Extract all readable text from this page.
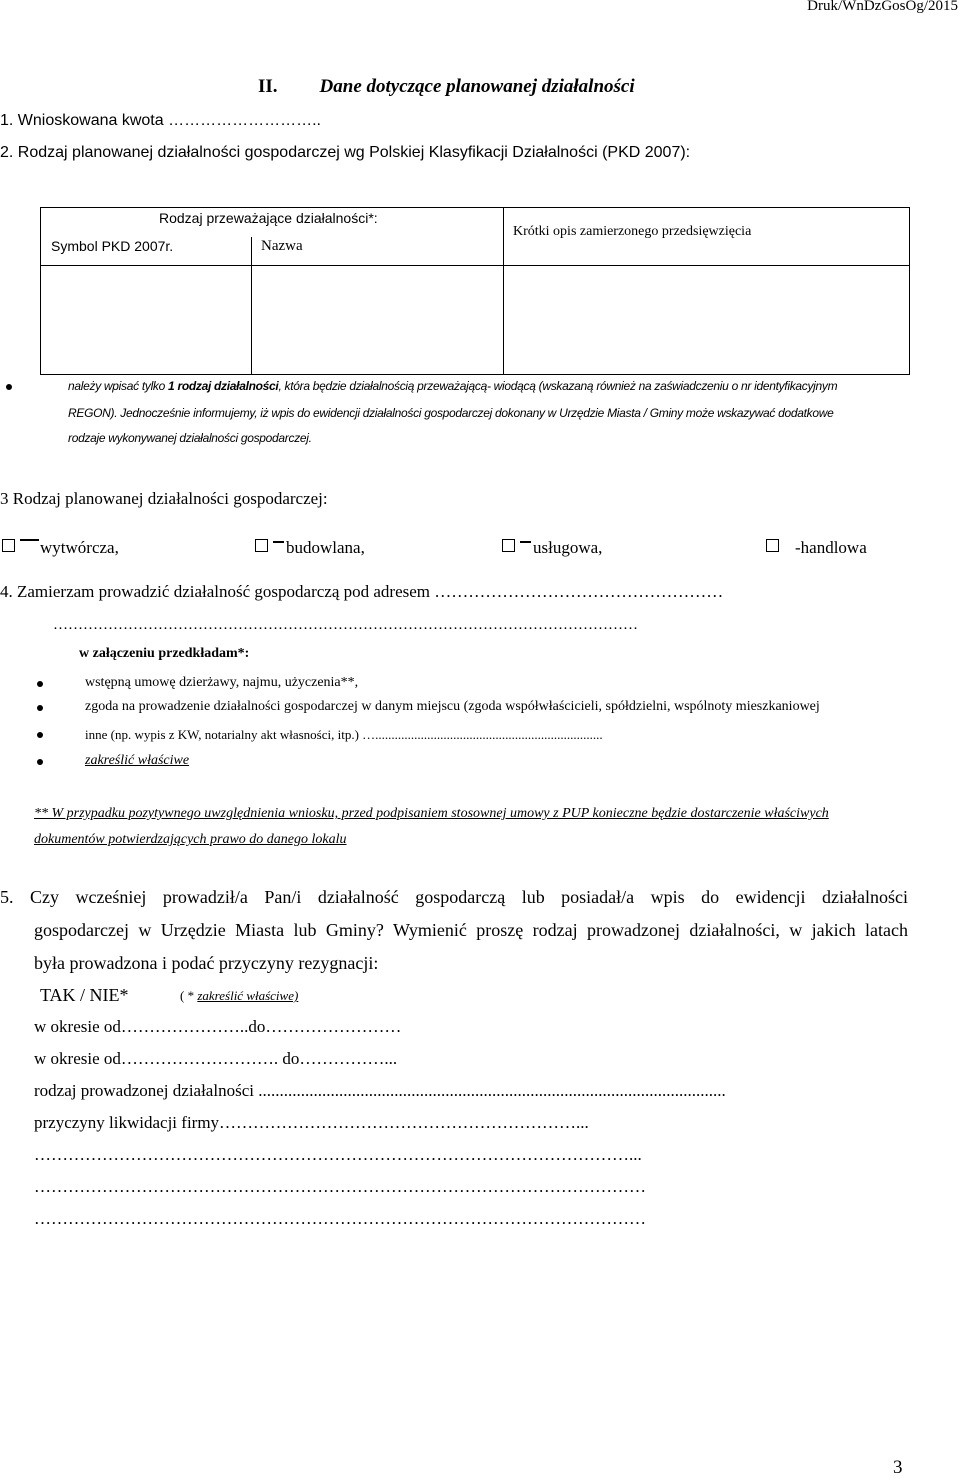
Druk/WnDzGosOg/2015
II. Dane dotyczące planowanej działalności
1. Wnioskowana kwota ………………………..
2. Rodzaj planowanej działalności gospodarczej wg Polskiej Klasyfikacji Działalności (PKD 2007):
Rodzaj przeważające działalności*:
Symbol PKD 2007r.	Nazwa
Krótki opis zamierzonego przedsięwzięcia
należy wpisać tylko 1 rodzaj działalności, która będzie działalnością przeważającą- wiodącą (wskazaną również na zaświadczeniu o nr identyfikacyjnym
REGON). Jednocześnie informujemy, iż wpis do ewidencji działalności gospodarczej dokonany w Urzędzie Miasta / Gminy może wskazywać dodatkowe
rodzaje wykonywanej działalności gospodarczej.
3 Rodzaj planowanej działalności gospodarczej:
wytwórcza,	budowlana,	usługowa,	-handlowa
4. Zamierzam prowadzić działalność gospodarczą pod adresem ……………………………………………
………………………………………………………………………………………………………
w załączeniu przedkładam*:
wstępną umowę dzierżawy, najmu, użyczenia**,
zgoda na prowadzenie działalności gospodarczej w danym miejscu (zgoda współwłaścicieli, spółdzielni, wspólnoty mieszkaniowej
inne (np. wypis z KW, notarialny akt własności, itp.) …......................................................................
zakreślić właściwe
** W przypadku pozytywnego uwzględnienia wniosku, przed podpisaniem stosownej umowy z PUP konieczne będzie dostarczenie właściwych
dokumentów potwierdzających prawo do danego lokalu
5. Czy wcześniej prowadził/a Pan/i działalność gospodarczą lub posiadał/a wpis do ewidencji działalności
gospodarczej w Urzędzie Miasta lub Gminy? Wymienić proszę rodzaj prowadzonej działalności, w jakich latach
była prowadzona i podać przyczyny rezygnacji:
TAK / NIE*	( * zakreślić właściwe)
w okresie od…………………..do……………………
w okresie od………………………. do……………...
rodzaj prowadzonej działalności ..............................................................................................................
przyczyny likwidacji firmy………………………………………………………...
……………………………………………………………………………………………...
………………………………………………………………………………………………
………………………………………………………………………………………………
3
